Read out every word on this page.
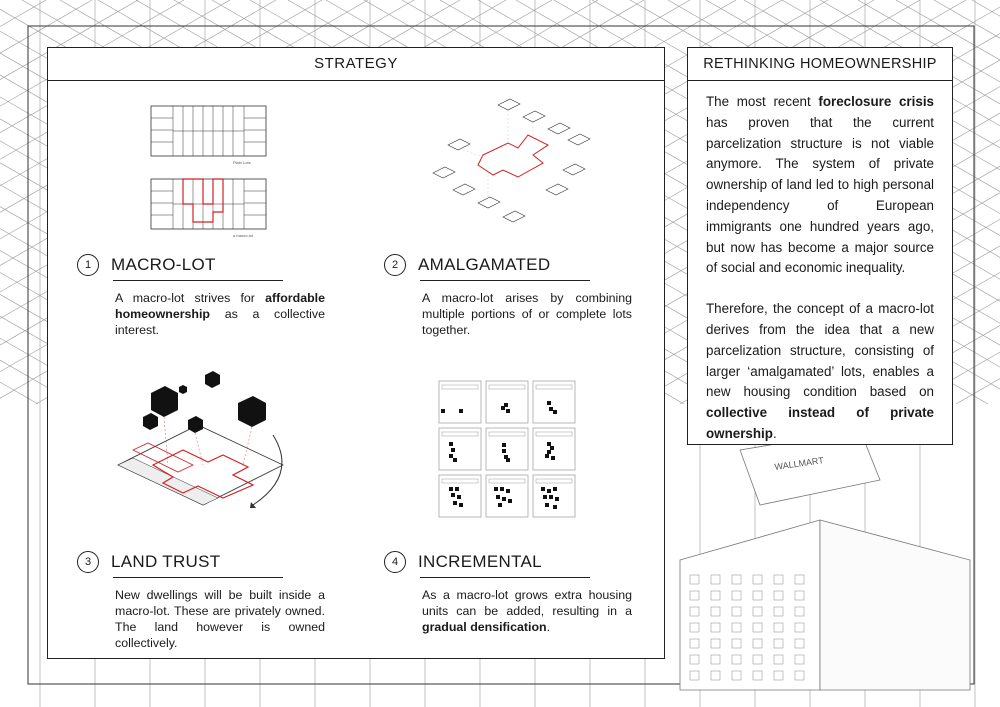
WALLMART
STRATEGY
Plain Lots
a macro-lot
1	MACRO-LOT
A macro-lot strives for affordable homeownership as a collective interest.
2	AMALGAMATED
A macro-lot arises by combining multiple portions of or complete lots together.
3	LAND TRUST
New dwellings will be built inside a macro-lot. These are privately owned. The land however is owned collectively.
4	INCREMENTAL
As a macro-lot grows extra housing units can be added, resulting in a gradual densification.
RETHINKING HOMEOWNERSHIP

The most recent foreclosure crisis has proven that the current parcelization structure is not viable anymore. The system of private ownership of land led to high personal independency of European immigrants one hundred years ago, but now has become a major source of social and economic inequality.

Therefore, the concept of a macro-lot derives from the idea that a new parcelization structure, consisting of larger ‘amalgamated’ lots, enables a new housing condition based on collective instead of private ownership.
